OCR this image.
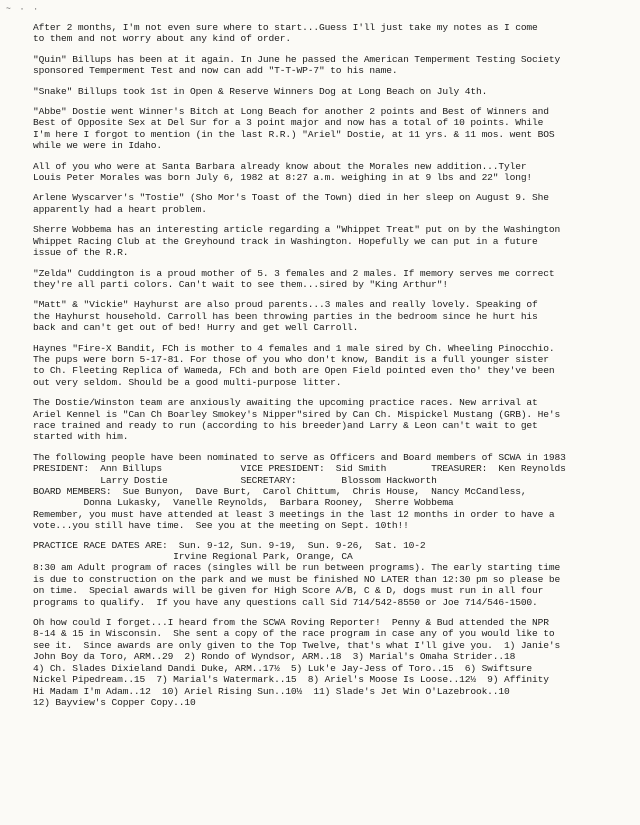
~ · ·
After 2 months, I'm not even sure where to start...Guess I'll just take my notes as I come
to them and not worry about any kind of order.
"Quin" Billups has been at it again. In June he passed the American Temperment Testing Society
sponsored Temperment Test and now can add "T-T-WP-7" to his name.
"Snake" Billups took 1st in Open & Reserve Winners Dog at Long Beach on July 4th.
"Abbe" Dostie went Winner's Bitch at Long Beach for another 2 points and Best of Winners and
Best of Opposite Sex at Del Sur for a 3 point major and now has a total of 10 points. While
I'm here I forgot to mention (in the last R.R.) "Ariel" Dostie, at 11 yrs. & 11 mos. went BOS
while we were in Idaho.
All of you who were at Santa Barbara already know about the Morales new addition...Tyler
Louis Peter Morales was born July 6, 1982 at 8:27 a.m. weighing in at 9 lbs and 22" long!
Arlene Wyscarver's "Tostie" (Sho Mor's Toast of the Town) died in her sleep on August 9. She
apparently had a heart problem.
Sherre Wobbema has an interesting article regarding a "Whippet Treat" put on by the Washington
Whippet Racing Club at the Greyhound track in Washington. Hopefully we can put in a future
issue of the R.R.
"Zelda" Cuddington is a proud mother of 5. 3 females and 2 males. If memory serves me correct
they're all parti colors. Can't wait to see them...sired by "King Arthur"!
"Matt" & "Vickie" Hayhurst are also proud parents...3 males and really lovely. Speaking of
the Hayhurst household. Carroll has been throwing parties in the bedroom since he hurt his
back and can't get out of bed! Hurry and get well Carroll.
Haynes "Fire-X Bandit, FCh is mother to 4 females and 1 male sired by Ch. Wheeling Pinocchio.
The pups were born 5-17-81. For those of you who don't know, Bandit is a full younger sister
to Ch. Fleeting Replica of Wameda, FCh and both are Open Field pointed even tho' they've been
out very seldom. Should be a good multi-purpose litter.
The Dostie/Winston team are anxiously awaiting the upcoming practice races. New arrival at
Ariel Kennel is "Can Ch Boarley Smokey's Nipper"sired by Can Ch. Mispickel Mustang (GRB). He's
race trained and ready to run (according to his breeder)and Larry & Leon can't wait to get
started with him.
The following people have been nominated to serve as Officers and Board members of SCWA in 1983
PRESIDENT:  Ann Billups              VICE PRESIDENT:  Sid Smith        TREASURER:  Ken Reynolds
Larry Dostie             SECRETARY:        Blossom Hackworth
BOARD MEMBERS:  Sue Bunyon,  Dave Burt,  Carol Chittum,  Chris House,  Nancy McCandless,
Donna Lukasky,  Vanelle Reynolds,  Barbara Rooney,  Sherre Wobbema
Remember, you must have attended at least 3 meetings in the last 12 months in order to have a
vote...you still have time.  See you at the meeting on Sept. 10th!!
PRACTICE RACE DATES ARE:  Sun. 9-12, Sun. 9-19,  Sun. 9-26,  Sat. 10-2
Irvine Regional Park, Orange, CA
8:30 am Adult program of races (singles will be run between programs). The early starting time
is due to construction on the park and we must be finished NO LATER than 12:30 pm so please be
on time.  Special awards will be given for High Score A/B, C & D, dogs must run in all four
programs to qualify.  If you have any questions call Sid 714/542-8550 or Joe 714/546-1500.
Oh how could I forget...I heard from the SCWA Roving Reporter!  Penny & Bud attended the NPR
8-14 & 15 in Wisconsin.  She sent a copy of the race program in case any of you would like to
see it.  Since awards are only given to the Top Twelve, that's what I'll give you.  1) Janie's
John Boy da Toro, ARM..29  2) Rondo of Wyndsor, ARM..18  3) Marial's Omaha Strider..18
4) Ch. Slades Dixieland Dandi Duke, ARM..17½  5) Luk'e Jay-Jess of Toro..15  6) Swiftsure
Nickel Pipedream..15  7) Marial's Watermark..15  8) Ariel's Moose Is Loose..12½  9) Affinity
Hi Madam I'm Adam..12  10) Ariel Rising Sun..10½  11) Slade's Jet Win O'Lazebrook..10
12) Bayview's Copper Copy..10
